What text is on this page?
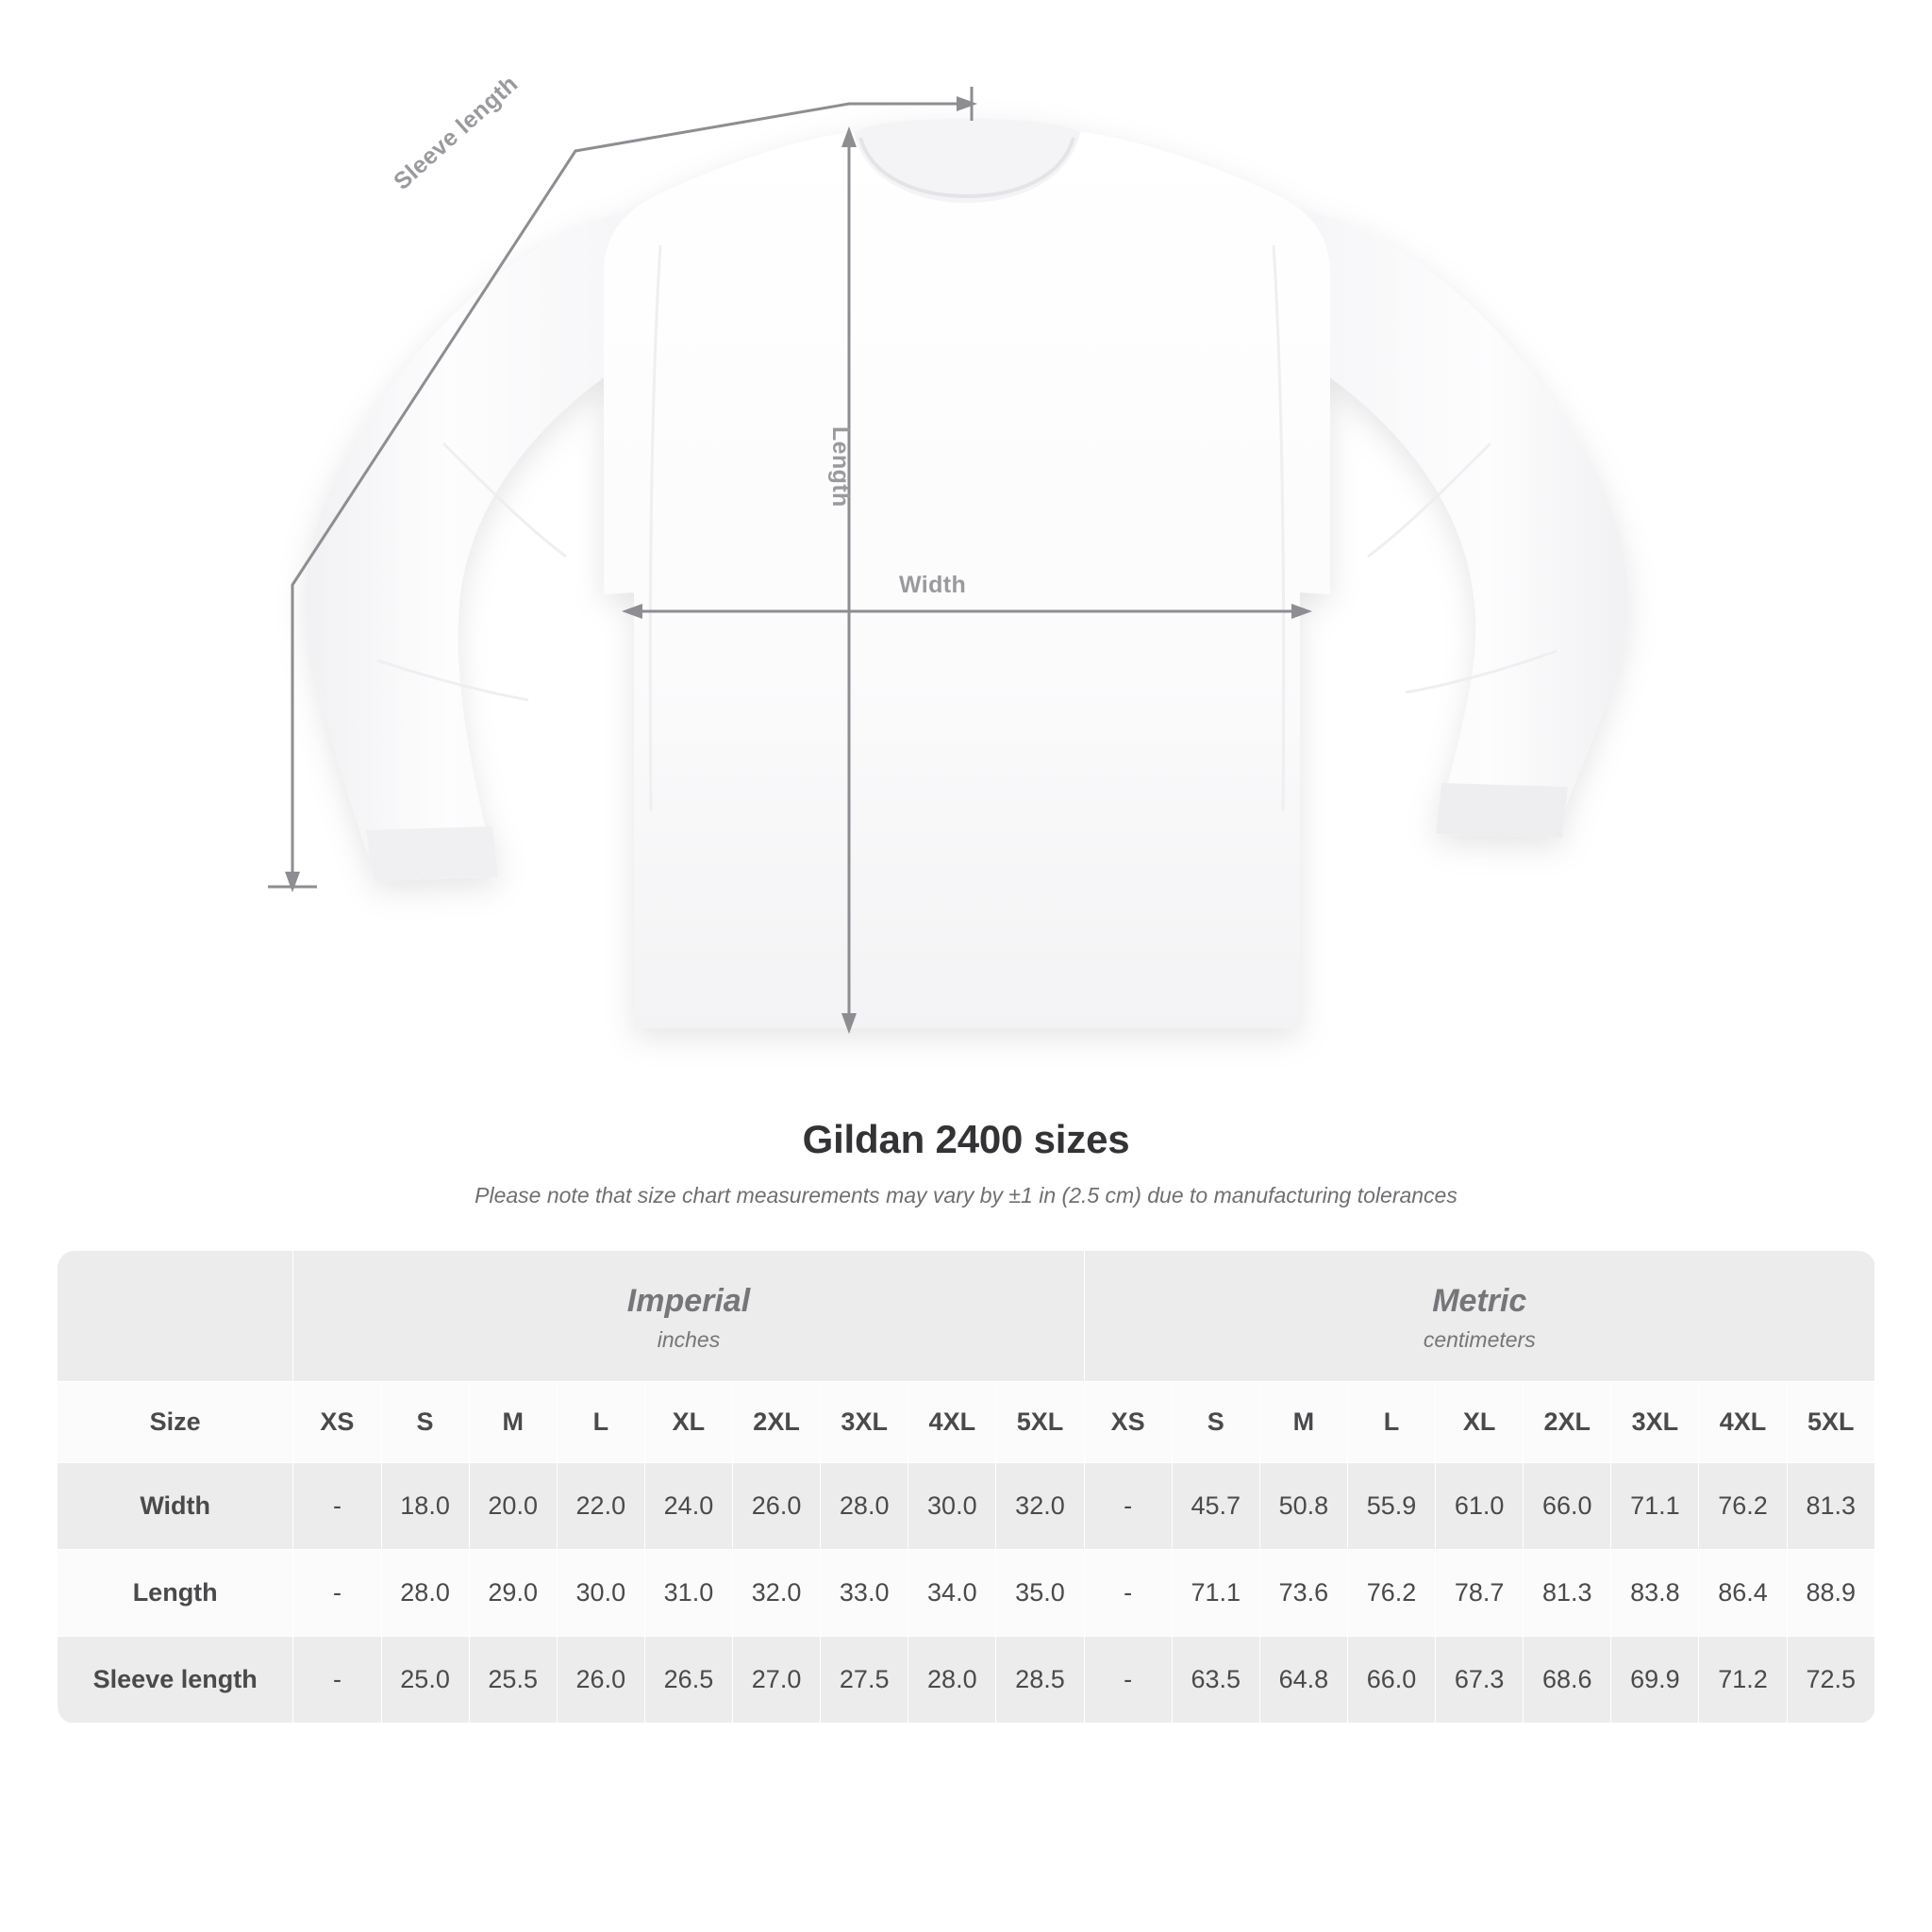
Length
Width
Sleeve length
Gildan 2400 sizes
Please note that size chart measurements may vary by ±1 in (2.5 cm) due to manufacturing tolerances

Imperial
inches

Metric
centimeters

Size	XS	S	M	L	XL	2XL	3XL	4XL	5XL	XS	S	M	L	XL	2XL	3XL	4XL	5XL
Width	-	18.0	20.0	22.0	24.0	26.0	28.0	30.0	32.0	-	45.7	50.8	55.9	61.0	66.0	71.1	76.2	81.3
Length	-	28.0	29.0	30.0	31.0	32.0	33.0	34.0	35.0	-	71.1	73.6	76.2	78.7	81.3	83.8	86.4	88.9
Sleeve length	-	25.0	25.5	26.0	26.5	27.0	27.5	28.0	28.5	-	63.5	64.8	66.0	67.3	68.6	69.9	71.2	72.5
